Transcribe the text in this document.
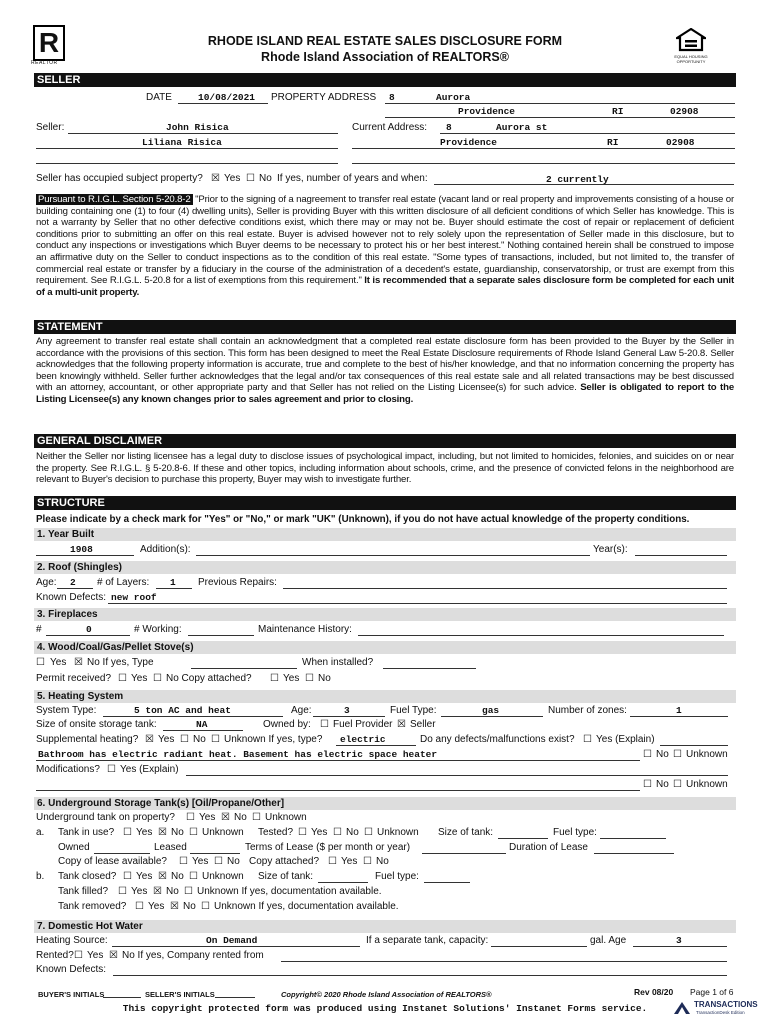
R
REALTOR
EQUAL HOUSING OPPORTUNITY
RHODE ISLAND REAL ESTATE SALES DISCLOSURE FORM
Rhode Island Association of REALTORS®
SELLER
DATE	10/08/2021 PROPERTY ADDRESS 8	Aurora
Providence	RI	02908
Seller:	John Risica
Liliana Risica
Current Address: 8	Aurora st
Providence	RI	02908
Seller has occupied subject property? ☒ Yes ☐ No If yes, number of years and when:	2 currently
Pursuant to R.I.G.L. Section 5-20.8-2 "Prior to the signing of a nagreement to transfer real estate (vacant land or real property and improvements consisting of a house or building containing one (1) to four (4) dwelling units), Seller is providing Buyer with this written disclosure of all deficient conditions of which Seller has knowledge. This is not a warranty by Seller that no other defective conditions exist, which there may or may not be. Buyer should estimate the cost of repair or replacement of deficient conditions prior to submitting an offer on this real estate. Buyer is advised however not to rely solely upon the representation of Seller made in this disclosure, but to conduct any inspections or investigations which Buyer deems to be necessary to protect his or her best interest." Nothing contained herein shall be construed to impose an affirmative duty on the Seller to conduct inspections as to the condition of this real estate. "Some types of transactions, included, but not limited to, the transfer of commercial real estate or transfer by a fiduciary in the course of the administration of a decedent's estate, guardianship, conservatorship, or trust are exempt from this requirement. See R.I.G.L. 5-20.8 for a list of exemptions from this requirement." It is recommended that a separate sales disclosure form be completed for each unit of a multi-unit property.
STATEMENT
Any agreement to transfer real estate shall contain an acknowledgment that a completed real estate disclosure form has been provided to the Buyer by the Seller in accordance with the provisions of this section. This form has been designed to meet the Real Estate Disclosure requirements of Rhode Island General Law 5-20.8. Seller acknowledges that the following property information is accurate, true and complete to the best of his/her knowledge, and that no information concerning the property has been knowingly withheld. Seller further acknowledges that the legal and/or tax consequences of this real estate sale and all related transactions may be best discussed with an attorney, accountant, or other appropriate party and that Seller has not relied on the Listing Licensee(s) for such advice. Seller is obligated to report to the Listing Licensee(s) any known changes prior to sales agreement and prior to closing.
GENERAL DISCLAIMER
Neither the Seller nor listing licensee has a legal duty to disclose issues of psychological impact, including, but not limited to homicides, felonies, and suicides on or near the property. See R.I.G.L. § 5-20.8-6. If these and other topics, including information about schools, crime, and the presence of convicted felons in the neighborhood are relevant to Buyer's decision to purchase this property, Buyer may wish to investigate further.
STRUCTURE
Please indicate by a check mark for "Yes" or "No," or mark "UK" (Unknown), if you do not have actual knowledge of the property conditions.
1. Year Built
1908	Addition(s):	Year(s):
2. Roof (Shingles)
Age: 2 # of Layers: 1 Previous Repairs:
Known Defects: new roof
3. Fireplaces
#	0	# Working:	Maintenance History:
4. Wood/Coal/Gas/Pellet Stove(s)
☐ Yes ☒ No If yes, Type	When installed?
Permit received? ☐ Yes ☐ No Copy attached? ☐ Yes ☐ No
5. Heating System
System Type:	5 ton AC and heat	Age:	3	Fuel Type:	gas	Number of zones:	1
Size of onsite storage tank:	NA	Owned by: ☐ Fuel Provider ☒ Seller
Supplemental heating? ☒ Yes ☐ No ☐ Unknown If yes, type? electric	Do any defects/malfunctions exist? ☐ Yes (Explain)
Bathroom has electric radiant heat. Basement has electric space heater	☐ No ☐ Unknown
Modifications? ☐ Yes (Explain)
☐ No ☐ Unknown
6. Underground Storage Tank(s) [Oil/Propane/Other]
Underground tank on property? ☐ Yes ☒ No ☐ Unknown
a. Tank in use? ☐ Yes ☒ No ☐ Unknown Tested? ☐ Yes ☐ No ☐ Unknown Size of tank:	Fuel type:
Owned	Leased	Terms of Lease ($ per month or year)	Duration of Lease
Copy of lease available? ☐ Yes ☐ No Copy attached? ☐ Yes ☐ No
b. Tank closed? ☐ Yes ☒ No ☐ Unknown Size of tank:	Fuel type:
Tank filled? ☐ Yes ☒ No ☐ Unknown If yes, documentation available.
Tank removed? ☐ Yes ☒ No ☐ Unknown If yes, documentation available.
7. Domestic Hot Water
Heating Source:	On Demand	If a separate tank, capacity:	gal. Age	3
Rented? ☐ Yes ☒ No If yes, Company rented from
Known Defects:
BUYER'S INITIALS	SELLER'S INITIALS	Copyright© 2020 Rhode Island Association of REALTORS®	Rev 08/20 Page 1 of 6
TRANSACTIONS
TransactionDesk Edition
This copyright protected form was produced using Instanet Solutions' Instanet Forms service.
